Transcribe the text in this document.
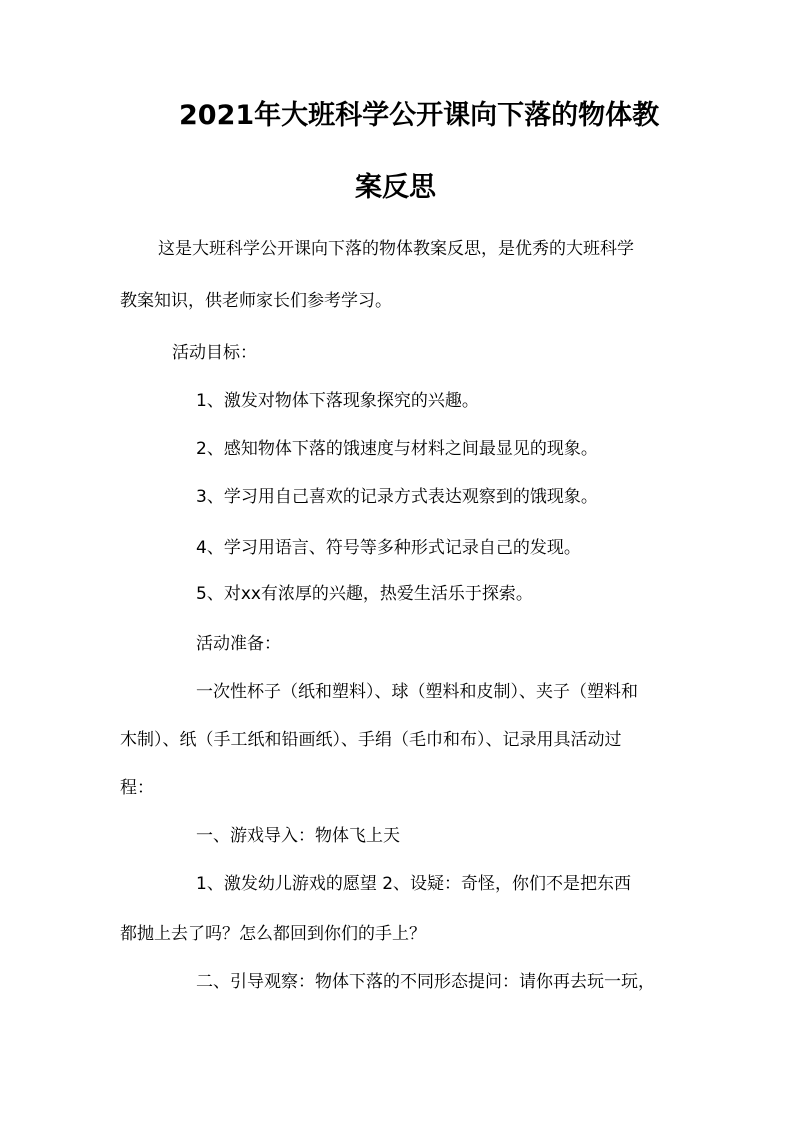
2021年大班科学公开课向下落的物体教
案反思
这是大班科学公开课向下落的物体教案反思，是优秀的大班科学
教案知识，供老师家长们参考学习。
活动目标：
1、激发对物体下落现象探究的兴趣。
2、感知物体下落的饿速度与材料之间最显见的现象。
3、学习用自己喜欢的记录方式表达观察到的饿现象。
4、学习用语言、符号等多种形式记录自己的发现。
5、对xx有浓厚的兴趣，热爱生活乐于探索。
活动准备：
一次性杯子（纸和塑料）、球（塑料和皮制）、夹子（塑料和
木制）、纸（手工纸和铅画纸）、手绢（毛巾和布）、记录用具活动过
程：
一、游戏导入：物体飞上天
1、激发幼儿游戏的愿望 2、设疑：奇怪，你们不是把东西
都抛上去了吗？怎么都回到你们的手上？
二、引导观察：物体下落的不同形态提问：请你再去玩一玩，
